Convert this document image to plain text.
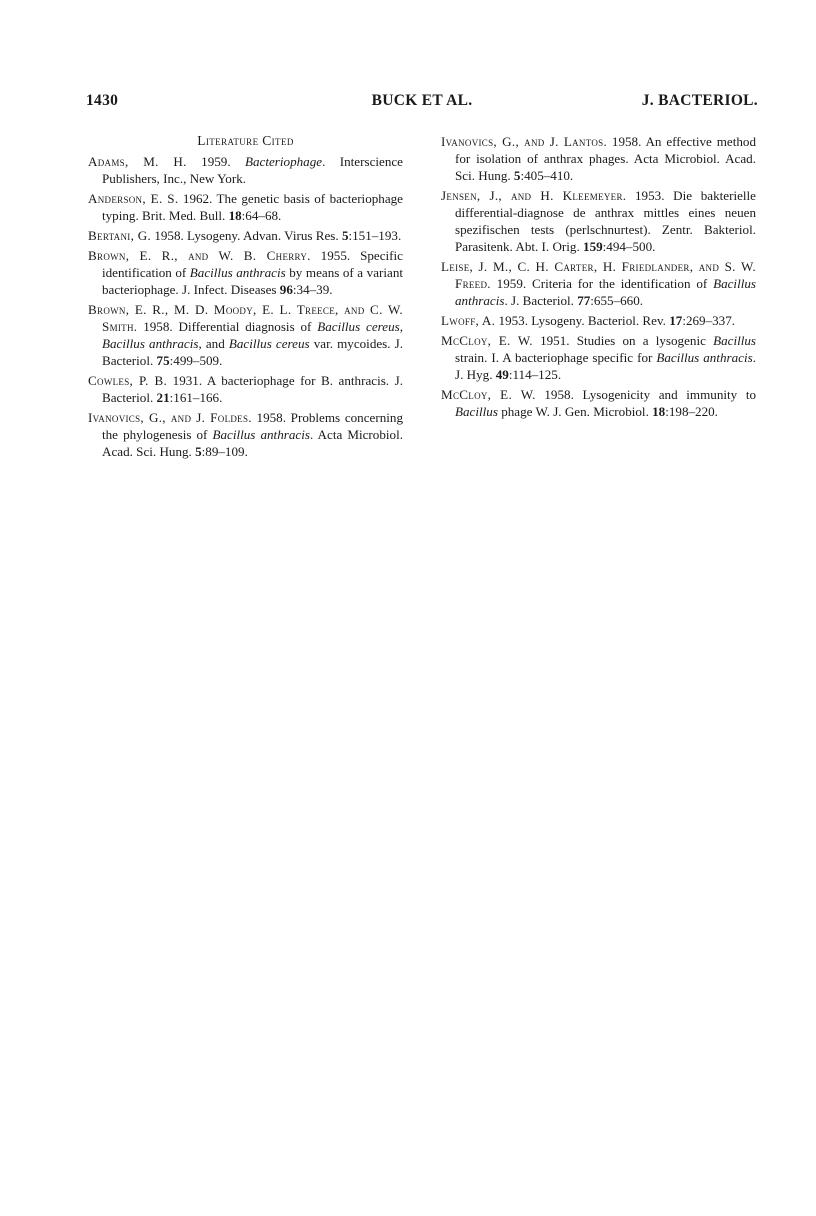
1430	BUCK ET AL.	J. BACTERIOL.
Literature Cited

Adams, M. H. 1959. Bacteriophage. Interscience Publishers, Inc., New York.

Anderson, E. S. 1962. The genetic basis of bacteriophage typing. Brit. Med. Bull. 18:64–68.

Bertani, G. 1958. Lysogeny. Advan. Virus Res. 5:151–193.

Brown, E. R., and W. B. Cherry. 1955. Specific identification of Bacillus anthracis by means of a variant bacteriophage. J. Infect. Diseases 96:34–39.

Brown, E. R., M. D. Moody, E. L. Treece, and C. W. Smith. 1958. Differential diagnosis of Bacillus cereus, Bacillus anthracis, and Bacillus cereus var. mycoides. J. Bacteriol. 75:499–509.

Cowles, P. B. 1931. A bacteriophage for B. anthracis. J. Bacteriol. 21:161–166.

Ivanovics, G., and J. Foldes. 1958. Problems concerning the phylogenesis of Bacillus anthracis. Acta Microbiol. Acad. Sci. Hung. 5:89–109.

Ivanovics, G., and J. Lantos. 1958. An effective method for isolation of anthrax phages. Acta Microbiol. Acad. Sci. Hung. 5:405–410.

Jensen, J., and H. Kleemeyer. 1953. Die bakterielle differential-diagnose de anthrax mittles eines neuen spezifischen tests (perlschnurtest). Zentr. Bakteriol. Parasitenk. Abt. I. Orig. 159:494–500.

Leise, J. M., C. H. Carter, H. Friedlander, and S. W. Freed. 1959. Criteria for the identification of Bacillus anthracis. J. Bacteriol. 77:655–660.

Lwoff, A. 1953. Lysogeny. Bacteriol. Rev. 17:269–337.

McCloy, E. W. 1951. Studies on a lysogenic Bacillus strain. I. A bacteriophage specific for Bacillus anthracis. J. Hyg. 49:114–125.

McCloy, E. W. 1958. Lysogenicity and immunity to Bacillus phage W. J. Gen. Microbiol. 18:198–220.
